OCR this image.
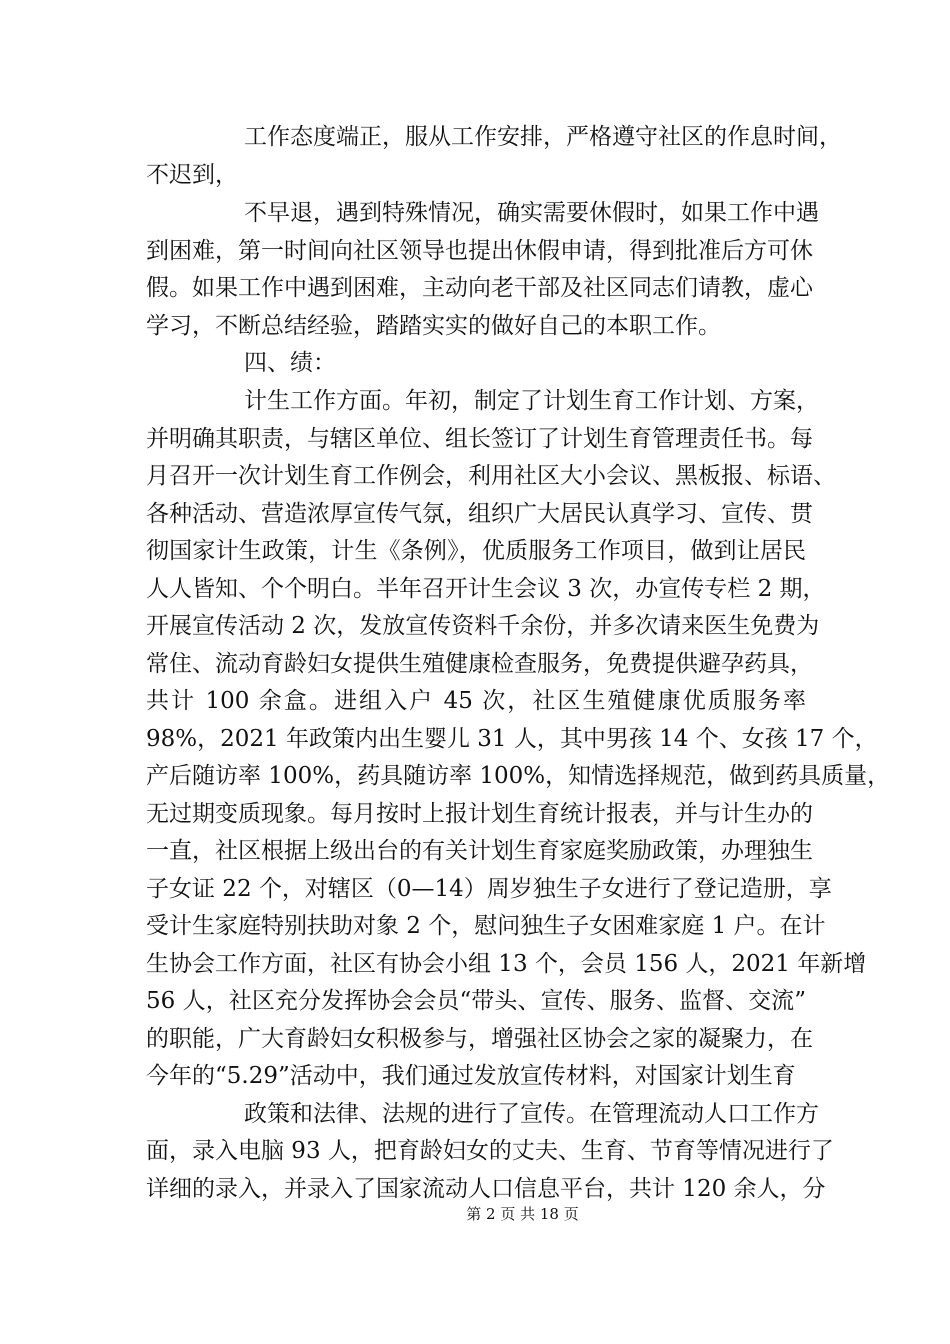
工作态度端正，服从工作安排，严格遵守社区的作息时间，
不迟到，
不早退，遇到特殊情况，确实需要休假时，如果工作中遇
到困难，第一时间向社区领导也提出休假申请，得到批准后方可休
假。如果工作中遇到困难，主动向老干部及社区同志们请教，虚心
学习，不断总结经验，踏踏实实的做好自己的本职工作。
四、绩：
计生工作方面。年初，制定了计划生育工作计划、方案，
并明确其职责，与辖区单位、组长签订了计划生育管理责任书。每
月召开一次计划生育工作例会，利用社区大小会议、黑板报、标语、
各种活动、营造浓厚宣传气氛，组织广大居民认真学习、宣传、贯
彻国家计生政策，计生《条例》，优质服务工作项目，做到让居民
人人皆知、个个明白。半年召开计生会议 3 次，办宣传专栏 2 期，
开展宣传活动 2 次，发放宣传资料千余份，并多次请来医生免费为
常住、流动育龄妇女提供生殖健康检查服务，免费提供避孕药具，
共计 100 余盒。进组入户 45 次，社区生殖健康优质服务率
98%，2021 年政策内出生婴儿 31 人，其中男孩 14 个、女孩 17 个，
产后随访率 100%，药具随访率 100%，知情选择规范，做到药具质量，
无过期变质现象。每月按时上报计划生育统计报表，并与计生办的
一直，社区根据上级出台的有关计划生育家庭奖励政策，办理独生
子女证 22 个，对辖区（0—14）周岁独生子女进行了登记造册，享
受计生家庭特别扶助对象 2 个，慰问独生子女困难家庭 1 户。在计
生协会工作方面，社区有协会小组 13 个，会员 156 人，2021 年新增
56 人，社区充分发挥协会会员“带头、宣传、服务、监督、交流”
的职能，广大育龄妇女积极参与，增强社区协会之家的凝聚力，在
今年的“5.29”活动中，我们通过发放宣传材料，对国家计划生育
政策和法律、法规的进行了宣传。在管理流动人口工作方
面，录入电脑 93 人，把育龄妇女的丈夫、生育、节育等情况进行了
详细的录入，并录入了国家流动人口信息平台，共计 120 余人，分
第 2 页 共 18 页
